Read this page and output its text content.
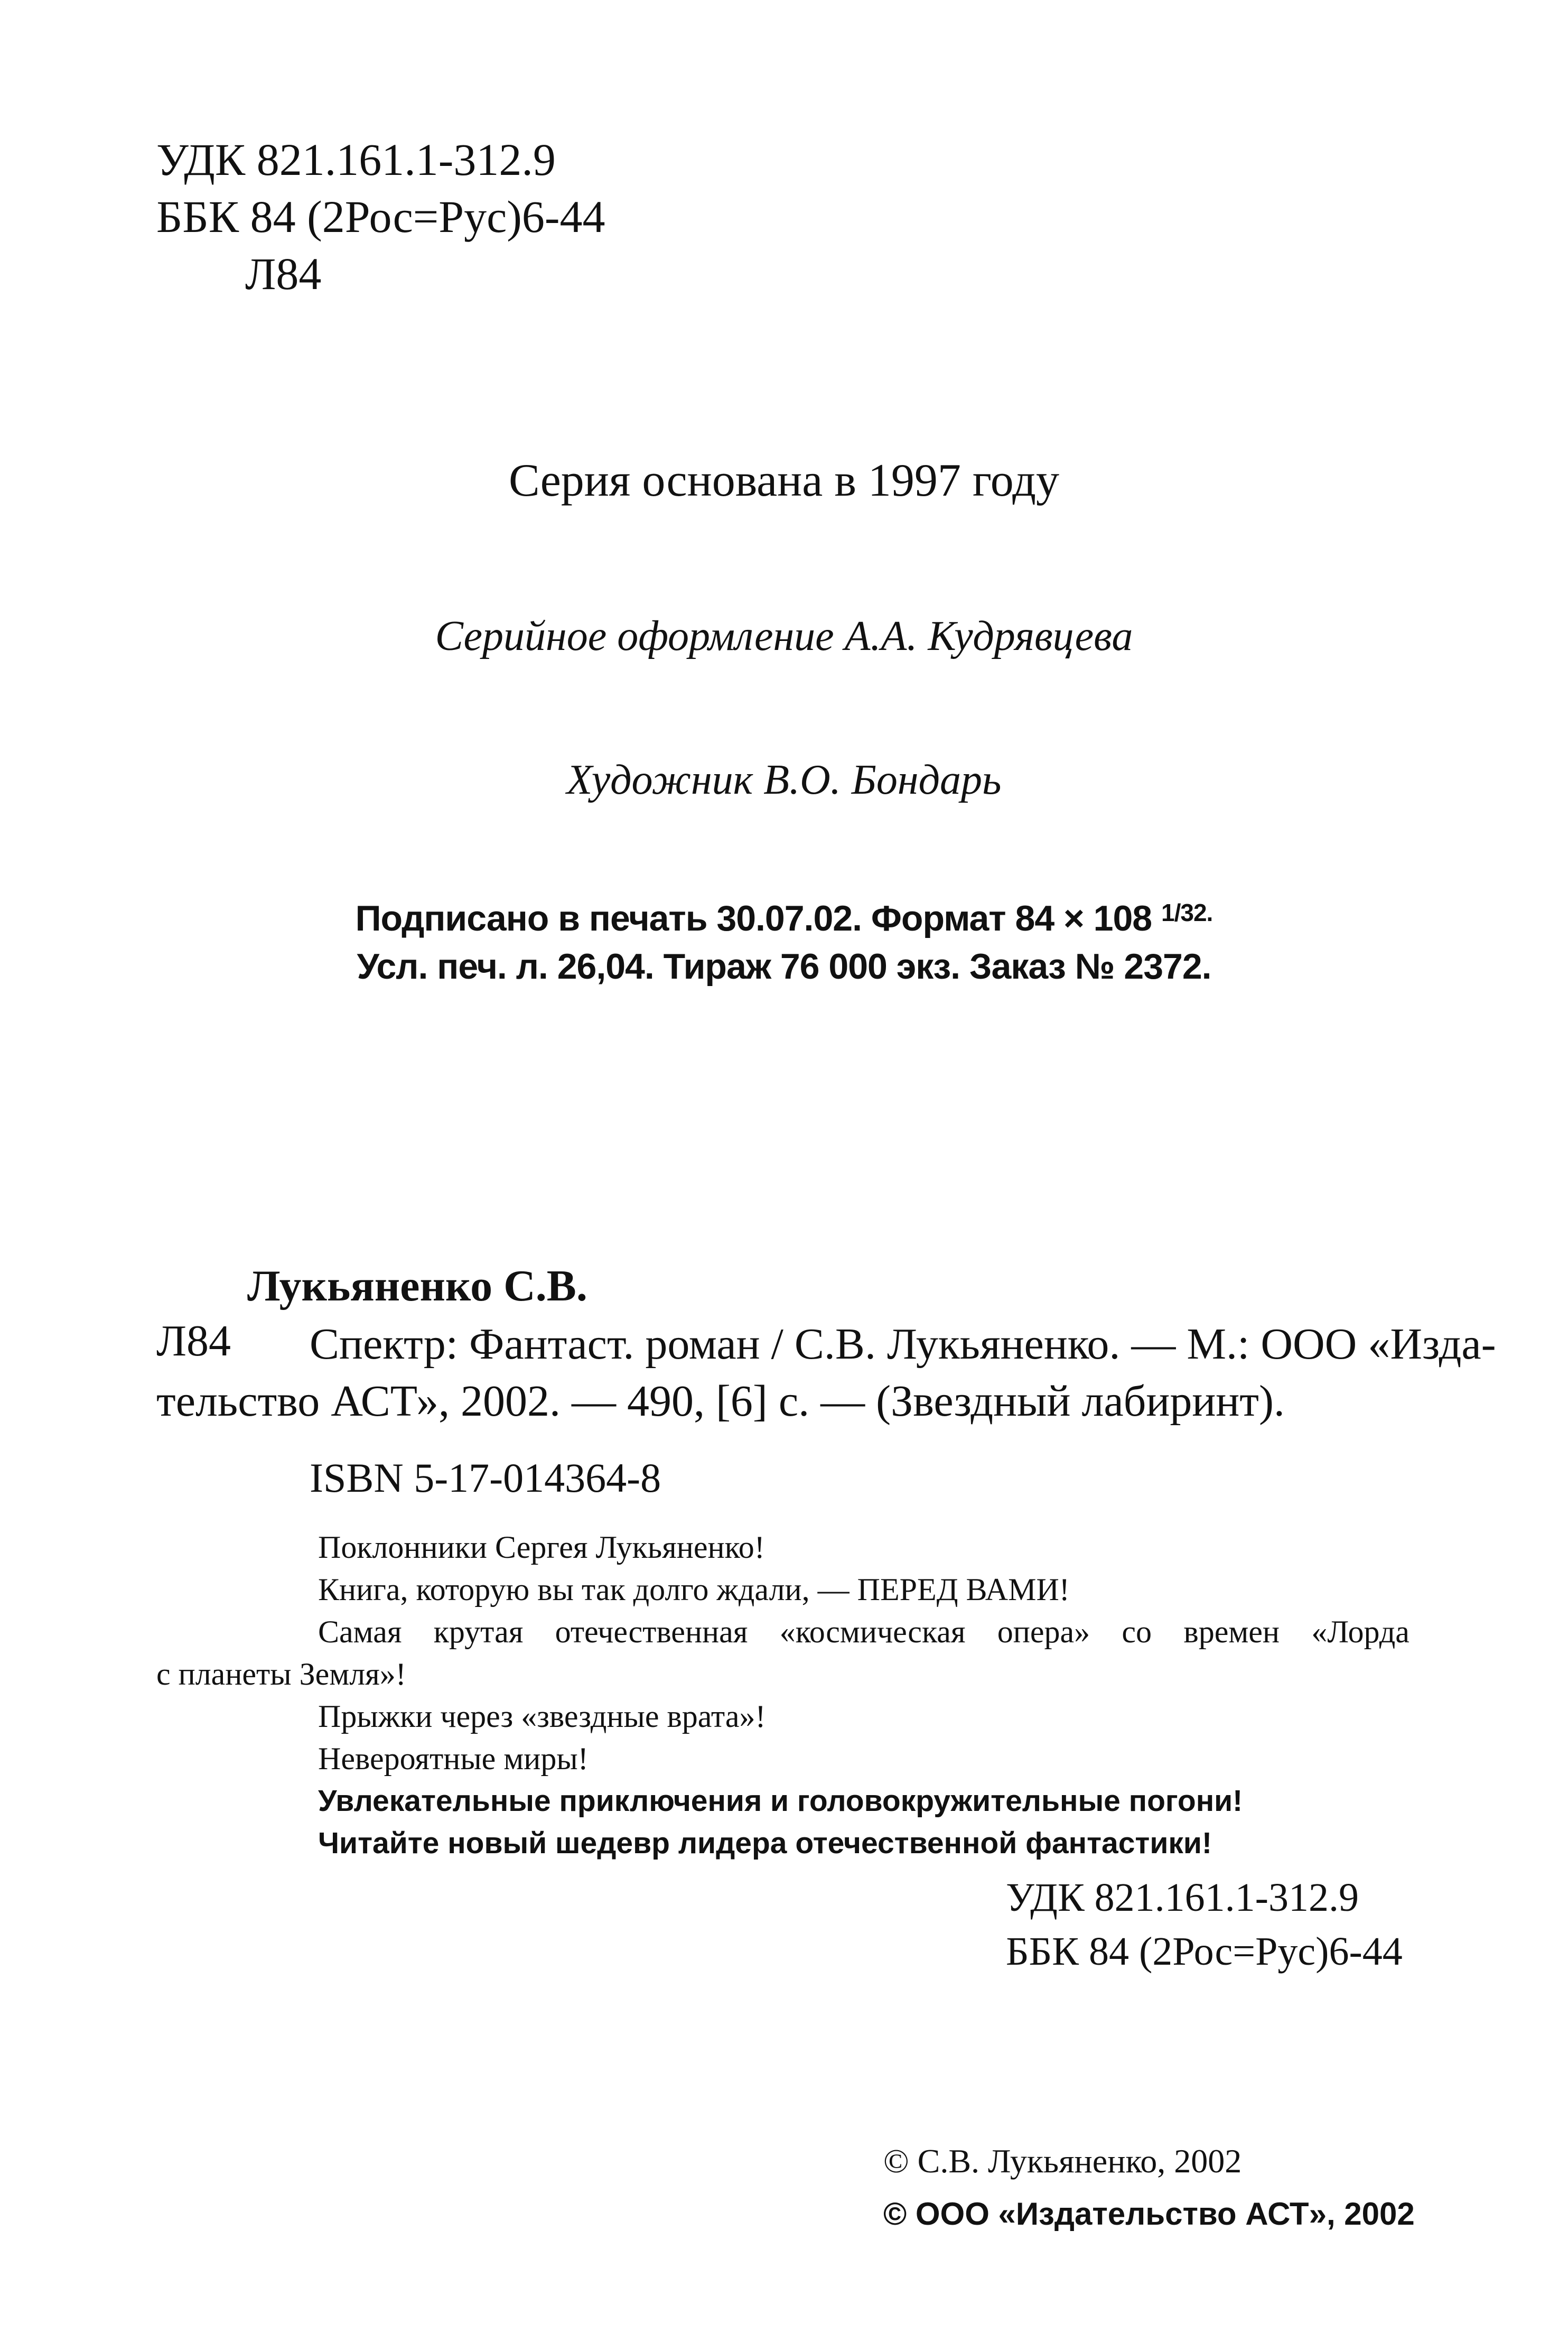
УДК 821.161.1-312.9
ББК 84 (2Рос=Рус)6-44
Л84
Серия основана в 1997 году
Серийное оформление А.А. Кудрявцева
Художник В.О. Бондарь
Подписано в печать 30.07.02. Формат 84 × 108 $^{1/32.}$
Усл. печ. л. 26,04. Тираж 76 000 экз. Заказ № 2372.
Лукьяненко С.В.
Л84	Спектр: Фантаст. роман / С.В. Лукьяненко. — М.: ООО «Изда-
тельство АСТ», 2002. — 490, [6] с. — (Звездный лабиринт).
ISBN 5-17-014364-8
Поклонники Сергея Лукьяненко!
Книга, которую вы так долго ждали, — ПЕРЕД ВАМИ!
Самая крутая отечественная «космическая опера» со времен «Лорда
с планеты Земля»!
Прыжки через «звездные врата»!
Невероятные миры!
Увлекательные приключения и головокружительные погони!
Читайте новый шедевр лидера отечественной фантастики!
УДК 821.161.1-312.9
ББК 84 (2Рос=Рус)6-44
© С.В. Лукьяненко, 2002
© ООО «Издательство АСТ», 2002
